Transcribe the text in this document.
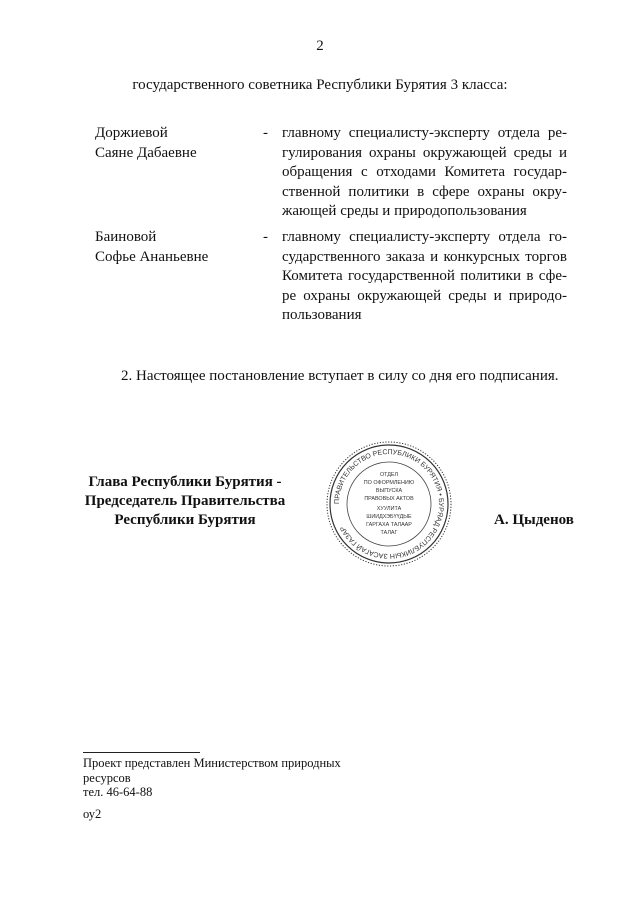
2
государственного советника Республики Бурятия 3 класса:
Доржиевой
Саяне Дабаевне
- главному специалисту-эксперту отдела ре-
гулирования охраны окружающей среды и
обращения с отходами Комитета государ-
ственной политики в сфере охраны окру-
жающей среды и природопользования
Баиновой
Софье Ананьевне
- главному специалисту-эксперту отдела го-
сударственного заказа и конкурсных торгов
Комитета государственной политики в сфе-
ре охраны окружающей среды и природо-
пользования
2. Настоящее постановление вступает в силу со дня его подписания.
Глава Республики Бурятия -
Председатель Правительства
Республики Бурятия
ПРАВИТЕЛЬСТВО РЕСПУБЛИКИ БУРЯТИЯ • БУРЯАД РЕСПУБЛИКЫН ЗАСАГАЙ ГАЗАР
ОТДЕЛ
ПО ОФОРМЛЕНИЮ
ВЫПУСКА
ПРАВОВЫХ АКТОВ
ХУУЛИТА
ШИИДХЭБҮҮДЫЕ
ГАРГАХА ТАЛААР
ТАЛАГ
А. Цыденов
Проект представлен Министерством природных
ресурсов
тел. 46-64-88
оу2
